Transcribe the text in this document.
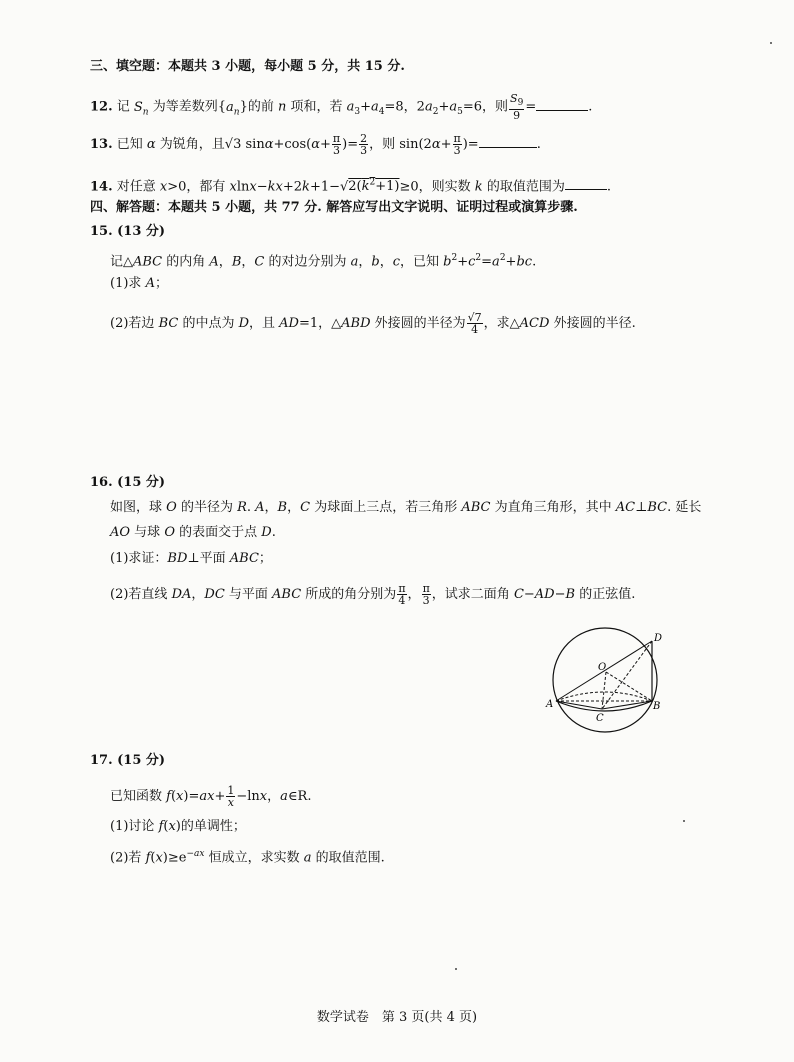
三、填空题：本题共 3 小题，每小题 5 分，共 15 分.
12. 记 $S_n$ 为等差数列$\{a_n\}$的前 n 项和，若 $a_3+a_4=8$，$2a_2+a_5=6$，则 $\frac{S_9}{9}$ =	.
13. 已知 α 为锐角，且√3 $\sin\alpha+\cos(\alpha+ \frac{\pi}{3}$ )= $\frac{2}{3}$ ，则 $\sin(2\alpha+ \frac{\pi}{3}$ )=	.
14. 对任意 x>0，都有 $xlnx-kx+2k+1-√2(k^2+1)\ge 0$，则实数 k 的取值范围为	.
四、解答题：本题共 5 小题，共 77 分. 解答应写出文字说明、证明过程或演算步骤.
15. (13 分)
记△ABC 的内角 A，B，C 的对边分别为 a，b，c，已知 $b^2+c^2=a^2+bc$.
(1)求 A；
(2)若边 BC 的中点为 D，且 AD=1，△ABD 外接圆的半径为 $\frac{√7}{4}$ ，求△ACD 外接圆的半径.
16. (15 分)
如图，球 O 的半径为 R. A，B，C 为球面上三点，若三角形 ABC 为直角三角形，其中 AC⊥BC. 延长
AO 与球 O 的表面交于点 D.
(1)求证：BD⊥平面 ABC；
(2)若直线 DA，DC 与平面 ABC 所成的角分别为 $\frac{\pi}{4}$ ， $\frac{\pi}{3}$ ，试求二面角 C−AD−B 的正弦值.
D
O
A
C
B
17. (15 分)
已知函数 $f(x)=ax+ \frac{1}{x} -\ln x$，a∈R.
(1)讨论 f(x)的单调性；
(2)若 $f(x)\ge e^{-ax}$ 恒成立，求实数 a 的取值范围.
数学试卷　第 3 页(共 4 页)
